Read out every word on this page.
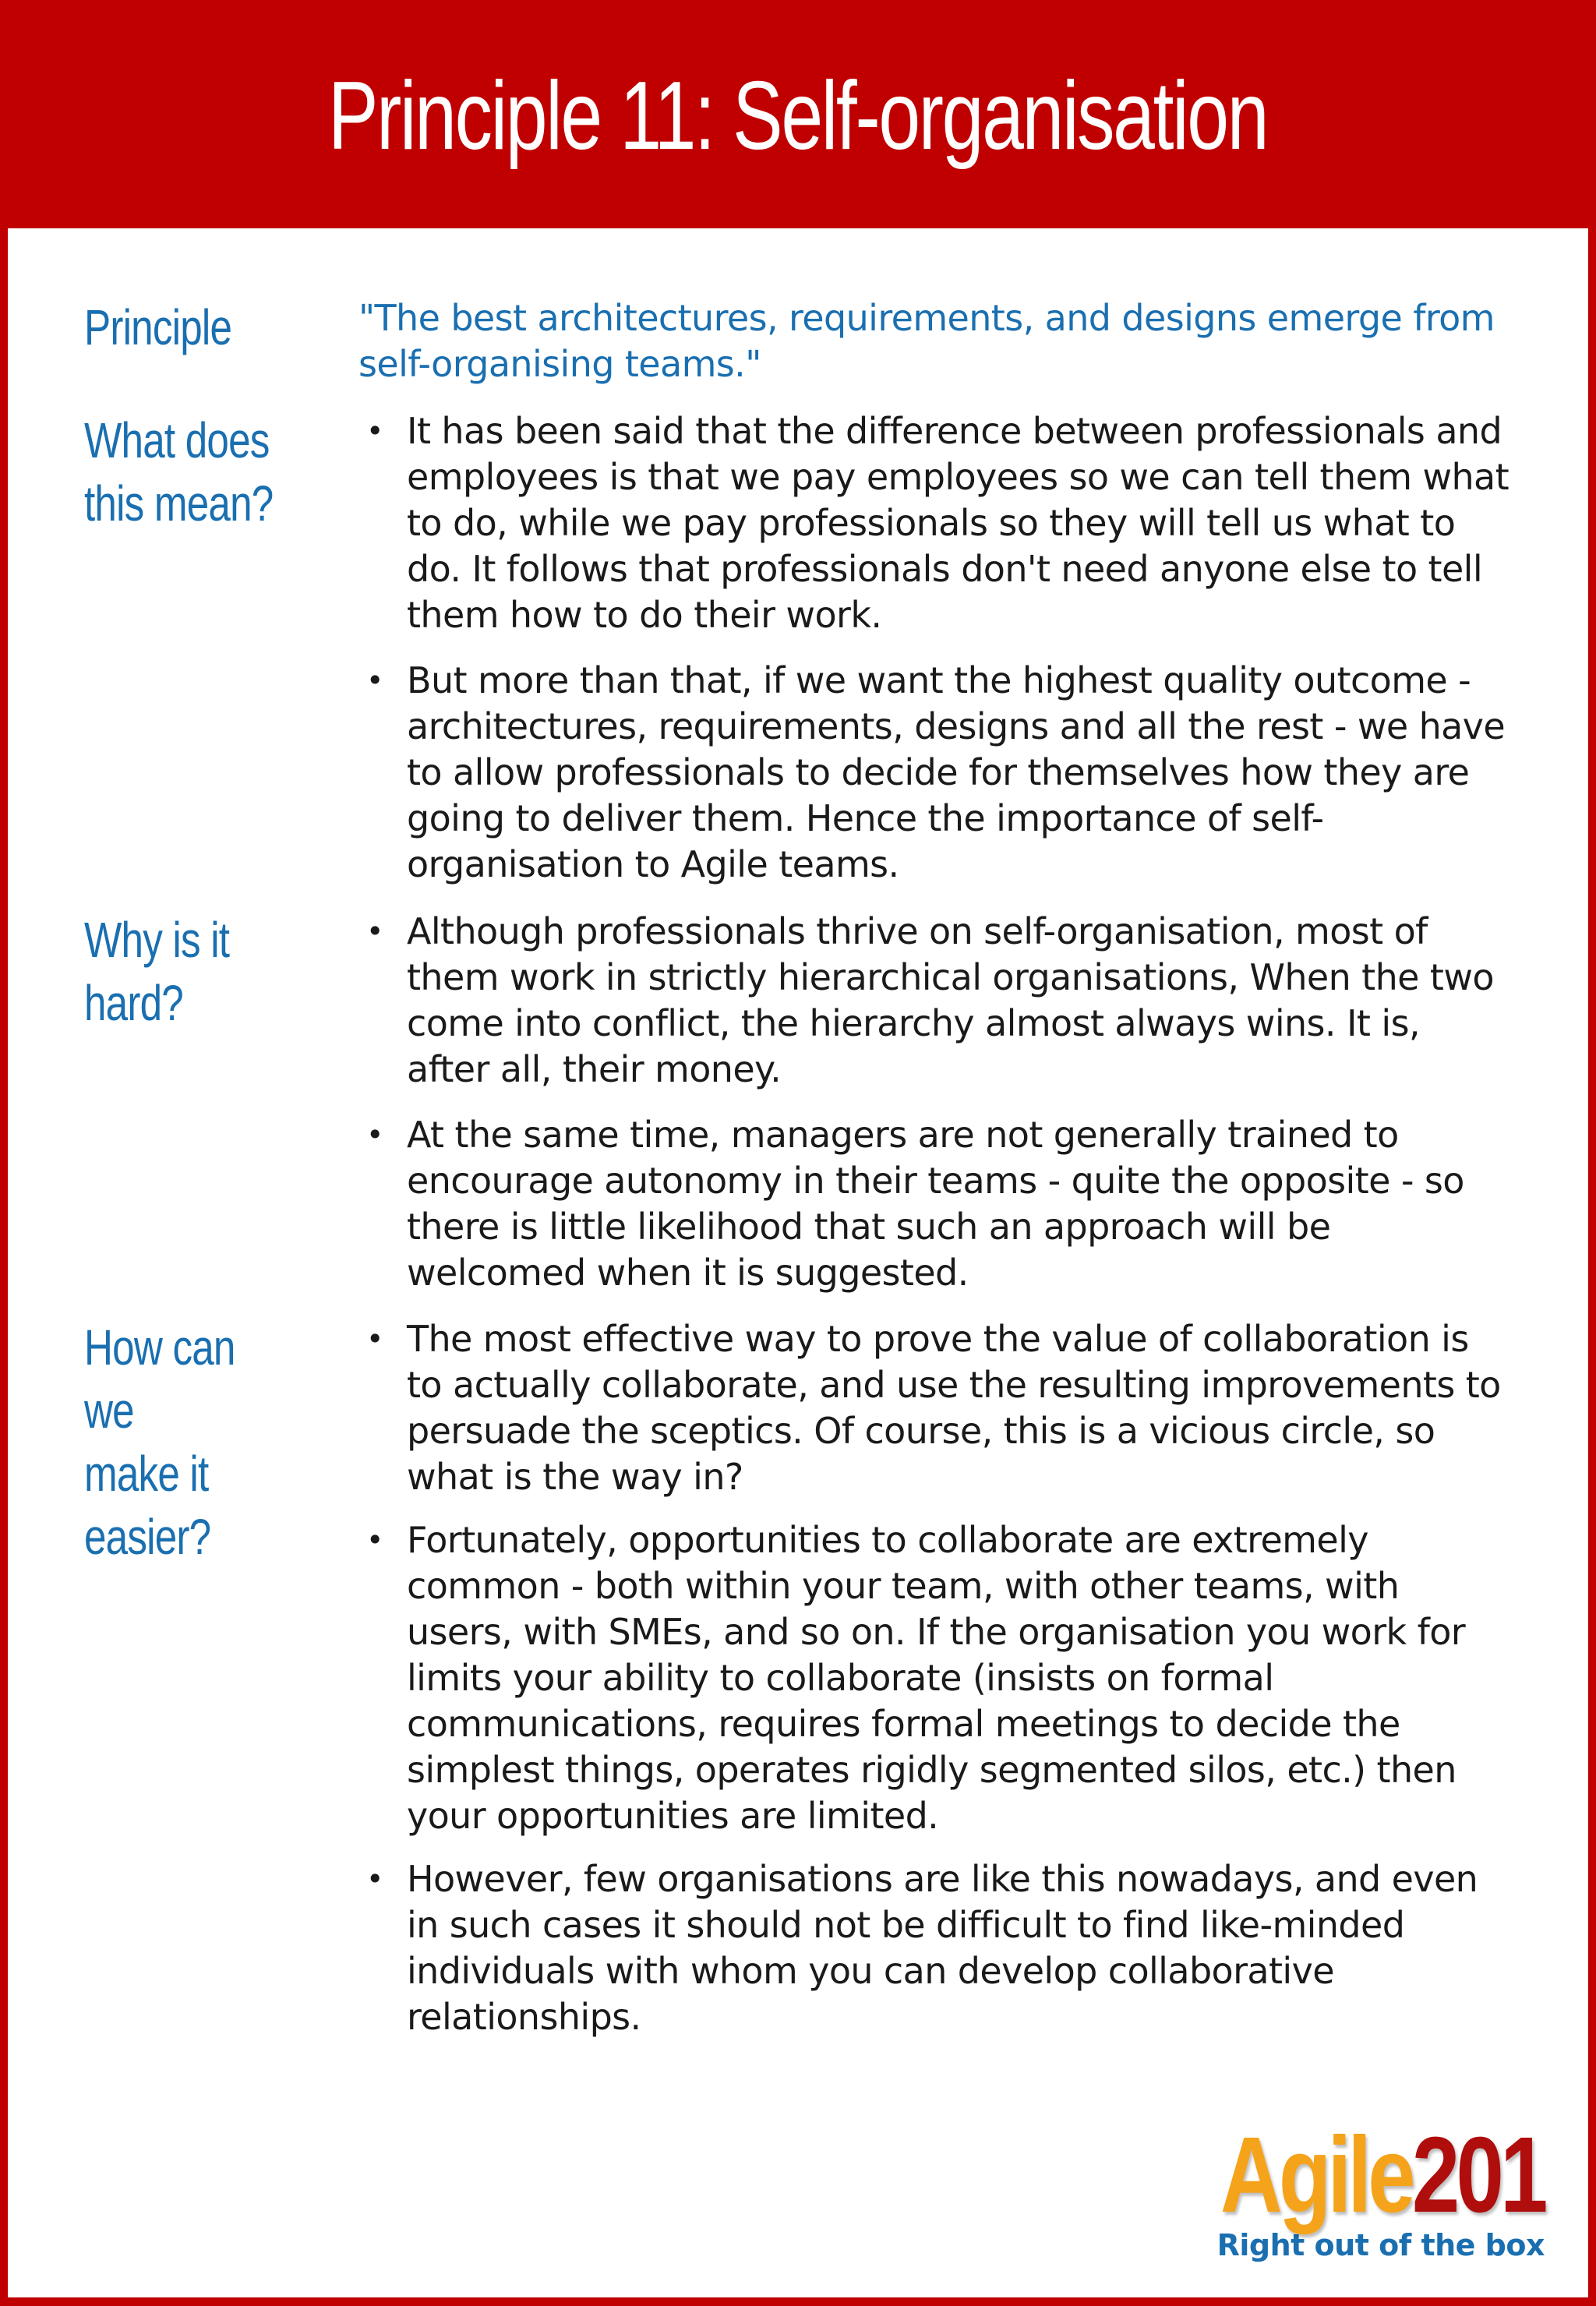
Principle 11: Self-organisation
Principle	"The best architectures, requirements, and designs emerge from self-organising teams."

What does
this mean?
• It has been said that the difference between professionals and employees is that we pay employees so we can tell them what to do, while we pay professionals so they will tell us what to do. It follows that professionals don't need anyone else to tell them how to do their work.
• But more than that, if we want the highest quality outcome - architectures, requirements, designs and all the rest - we have to allow professionals to decide for themselves how they are going to deliver them. Hence the importance of self-organisation to Agile teams.
Why is it
hard?
• Although professionals thrive on self-organisation, most of them work in strictly hierarchical organisations, When the two come into conflict, the hierarchy almost always wins. It is, after all, their money.
• At the same time, managers are not generally trained to encourage autonomy in their teams - quite the opposite - so there is little likelihood that such an approach will be welcomed when it is suggested.
How can we
make it
easier?
• The most effective way to prove the value of collaboration is to actually collaborate, and use the resulting improvements to persuade the sceptics. Of course, this is a vicious circle, so what is the way in?
• Fortunately, opportunities to collaborate are extremely common - both within your team, with other teams, with users, with SMEs, and so on. If the organisation you work for limits your ability to collaborate (insists on formal communications, requires formal meetings to decide the simplest things, operates rigidly segmented silos, etc.) then your opportunities are limited.
• However, few organisations are like this nowadays, and even in such cases it should not be difficult to find like-minded individuals with whom you can develop collaborative relationships.
Agile201
Right out of the box
